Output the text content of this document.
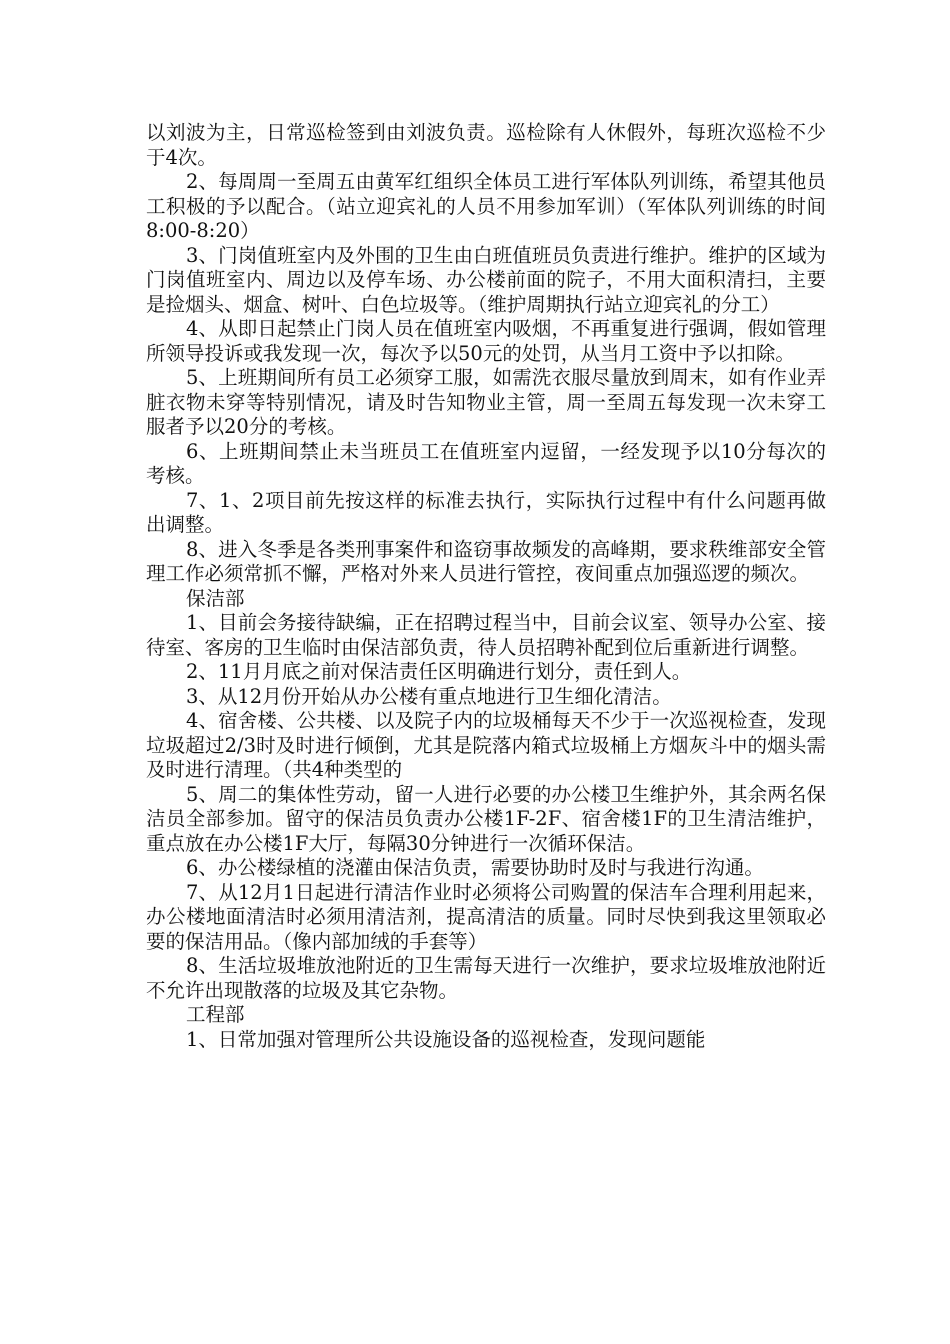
以刘波为主，日常巡检签到由刘波负责。巡检除有人休假外，每班次巡检不少于4次。

2、每周周一至周五由黄军红组织全体员工进行军体队列训练，希望其他员工积极的予以配合。（站立迎宾礼的人员不用参加军训）（军体队列训练的时间8:00-8:20）

3、门岗值班室内及外围的卫生由白班值班员负责进行维护。维护的区域为门岗值班室内、周边以及停车场、办公楼前面的院子，不用大面积清扫，主要是捡烟头、烟盒、树叶、白色垃圾等。（维护周期执行站立迎宾礼的分工）

4、从即日起禁止门岗人员在值班室内吸烟，不再重复进行强调，假如管理所领导投诉或我发现一次，每次予以50元的处罚，从当月工资中予以扣除。

5、上班期间所有员工必须穿工服，如需洗衣服尽量放到周末，如有作业弄脏衣物未穿等特别情况，请及时告知物业主管，周一至周五每发现一次未穿工服者予以20分的考核。

6、上班期间禁止未当班员工在值班室内逗留，一经发现予以10分每次的考核。

7、1、2项目前先按这样的标准去执行，实际执行过程中有什么问题再做出调整。

8、进入冬季是各类刑事案件和盗窃事故频发的高峰期，要求秩维部安全管理工作必须常抓不懈，严格对外来人员进行管控，夜间重点加强巡逻的频次。

保洁部

1、目前会务接待缺编，正在招聘过程当中，目前会议室、领导办公室、接待室、客房的卫生临时由保洁部负责，待人员招聘补配到位后重新进行调整。

2、11月月底之前对保洁责任区明确进行划分，责任到人。

3、从12月份开始从办公楼有重点地进行卫生细化清洁。

4、宿舍楼、公共楼、以及院子内的垃圾桶每天不少于一次巡视检查，发现垃圾超过2/3时及时进行倾倒，尤其是院落内箱式垃圾桶上方烟灰斗中的烟头需及时进行清理。（共4种类型的

5、周二的集体性劳动，留一人进行必要的办公楼卫生维护外，其余两名保洁员全部参加。留守的保洁员负责办公楼1F-2F、宿舍楼1F的卫生清洁维护，重点放在办公楼1F大厅，每隔30分钟进行一次循环保洁。

6、办公楼绿植的浇灌由保洁负责，需要协助时及时与我进行沟通。

7、从12月1日起进行清洁作业时必须将公司购置的保洁车合理利用起来，办公楼地面清洁时必须用清洁剂，提高清洁的质量。同时尽快到我这里领取必要的保洁用品。（像内部加绒的手套等）

8、生活垃圾堆放池附近的卫生需每天进行一次维护，要求垃圾堆放池附近不允许出现散落的垃圾及其它杂物。

工程部

1、日常加强对管理所公共设施设备的巡视检查，发现问题能
